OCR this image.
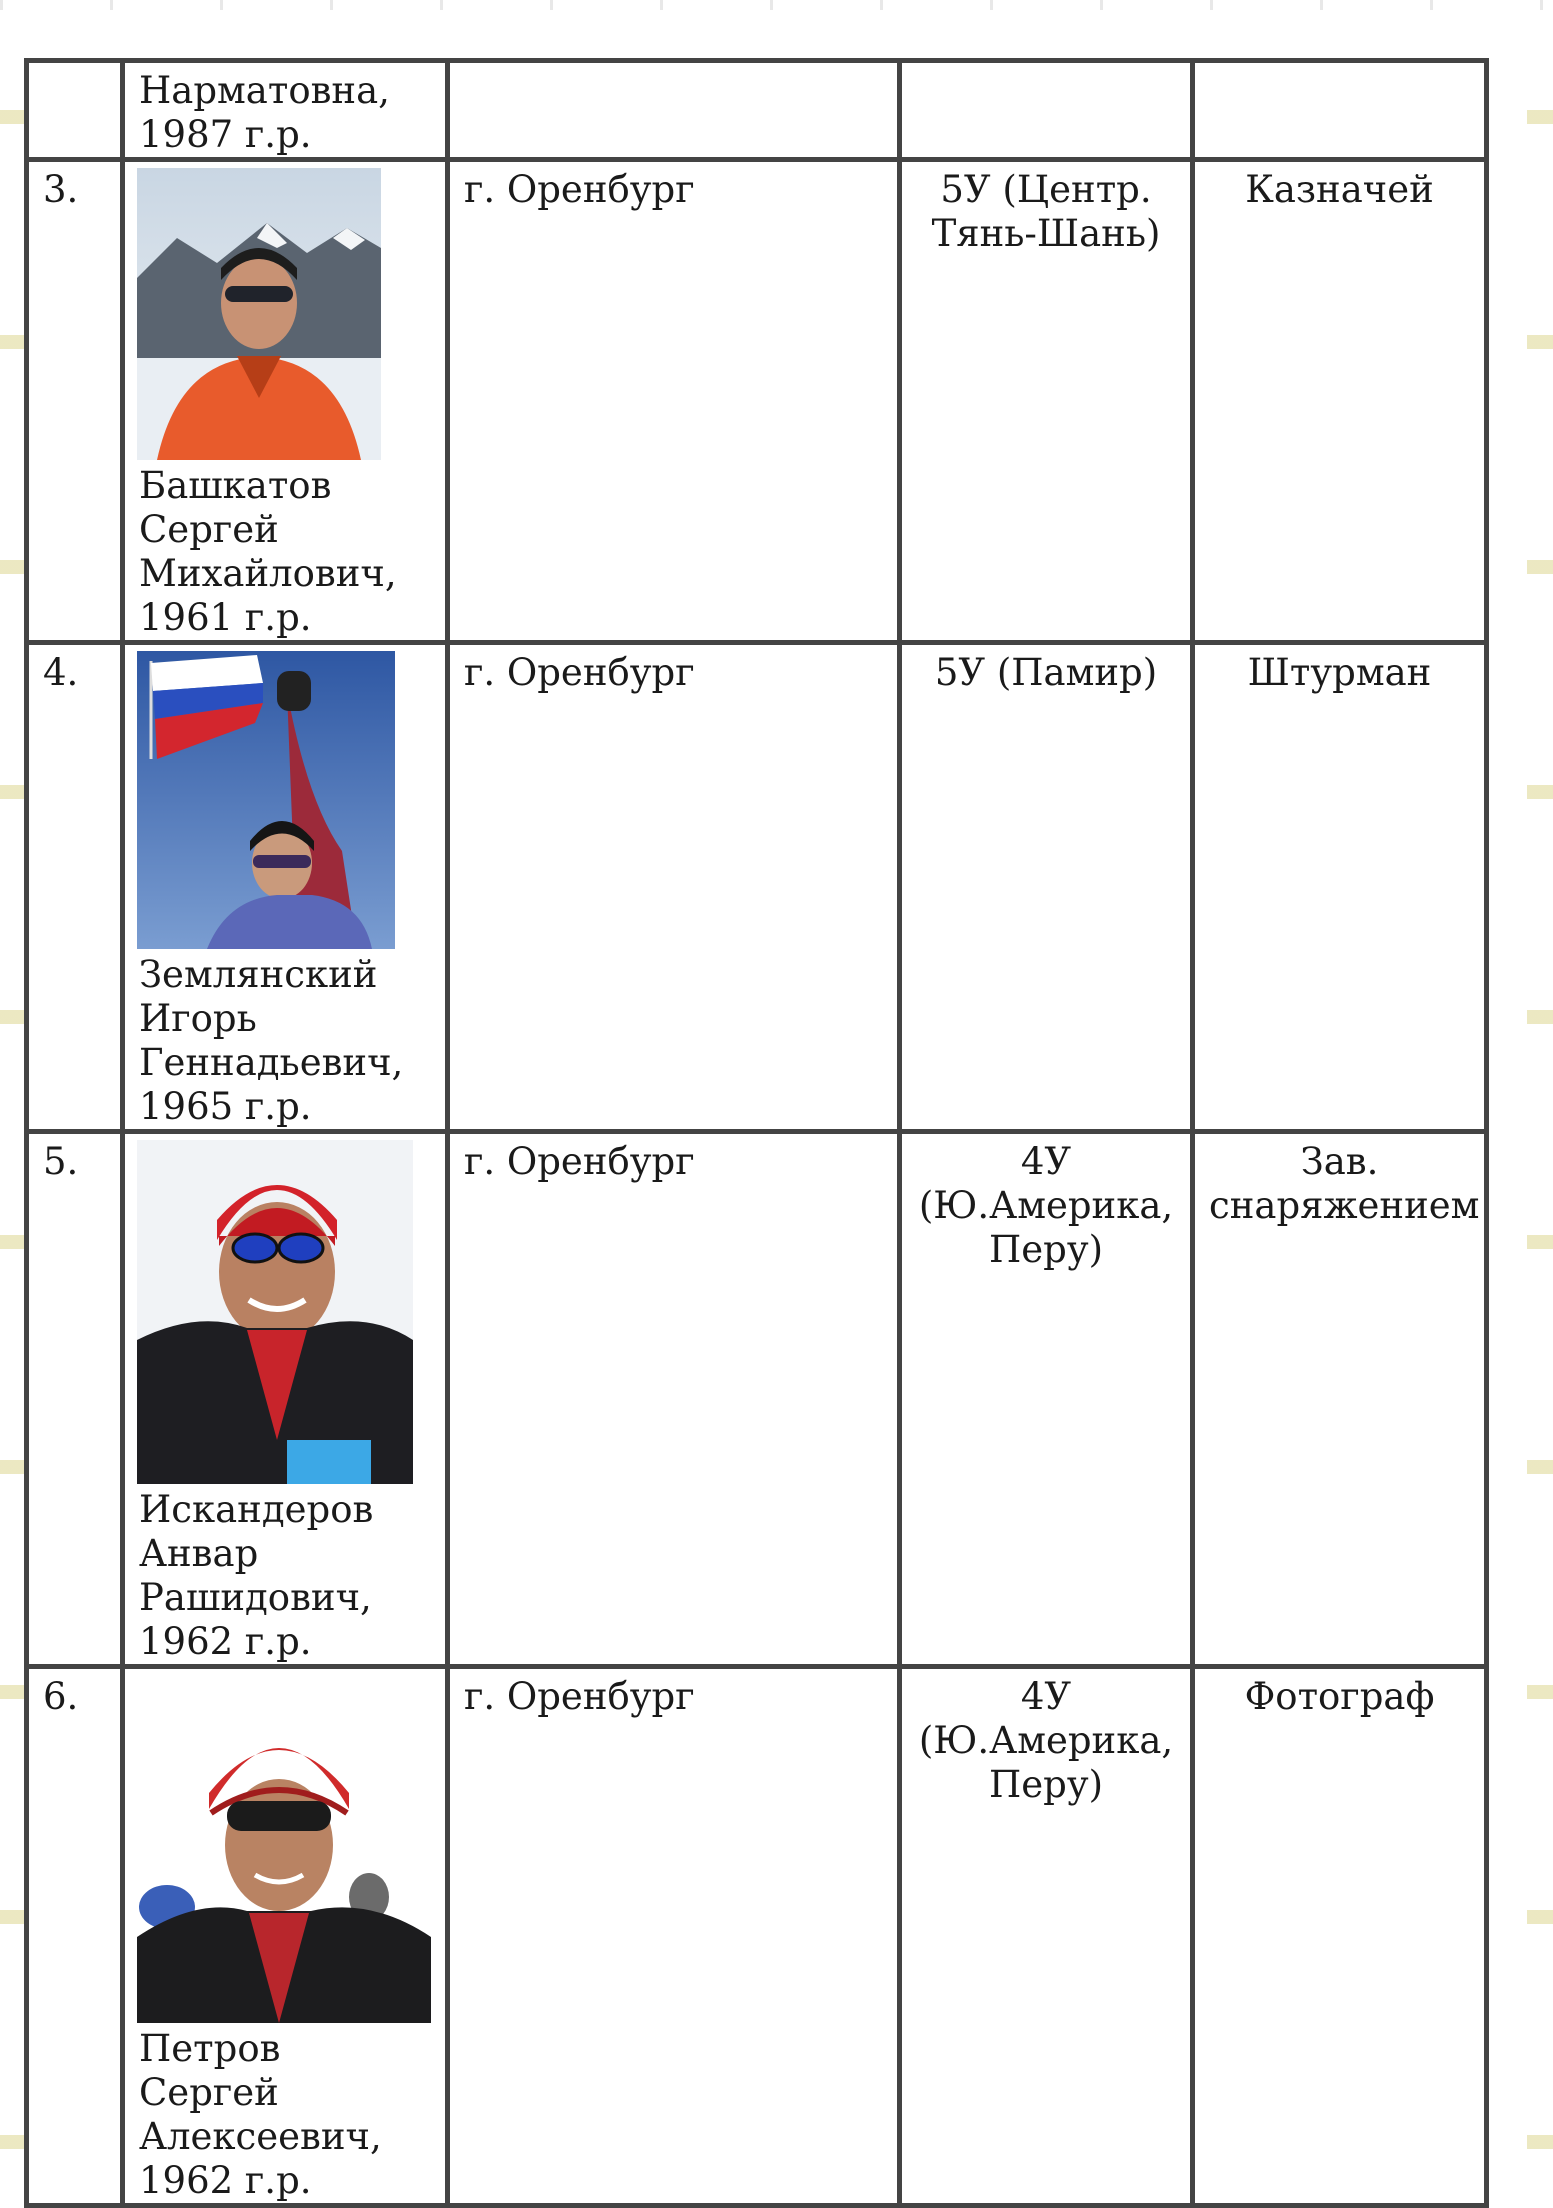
	Нарматовна,
1987 г.р.			

3.	Башкатов
Сергей
Михайлович,
1961 г.р.	г. Оренбург	5У (Центр.
Тянь-Шань)	Казначей

4.	Землянский
Игорь
Геннадьевич,
1965 г.р.	г. Оренбург	5У (Памир)	Штурман

5.	Искандеров
Анвар
Рашидович,
1962 г.р.	г. Оренбург	4У
(Ю.Америка,
Перу)	Зав.
снаряжением

6.	Петров
Сергей
Алексеевич,
1962 г.р.	г. Оренбург	4У
(Ю.Америка,
Перу)	Фотограф
